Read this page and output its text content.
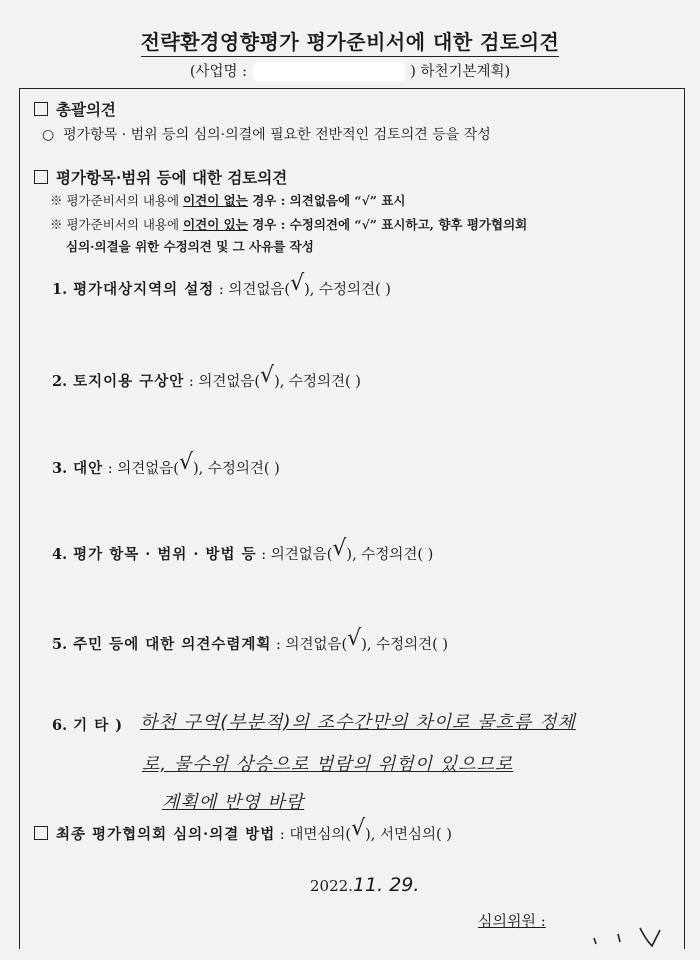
전략환경영향평가 평가준비서에 대한 검토의견
(사업명 :	) 하천기본계획)
총괄의견
○ 평가항목 · 범위 등의 심의·의결에 필요한 전반적인 검토의견 등을 작성
평가항목·범위 등에 대한 검토의견
※ 평가준비서의 내용에 이견이 없는 경우 : 의견없음에 “√” 표시
※ 평가준비서의 내용에 이견이 있는 경우 : 수정의견에 “√” 표시하고, 향후 평가협의회
심의·의결을 위한 수정의견 및 그 사유를 작성
1. 평가대상지역의 설정 : 의견없음(√), 수정의견( )
2. 토지이용 구상안 : 의견없음(√), 수정의견( )
3. 대안 : 의견없음(√), 수정의견( )
4. 평가 항목 · 범위 · 방법 등 : 의견없음(√), 수정의견( )
5. 주민 등에 대한 의견수렴계획 : 의견없음(√), 수정의견( )
6. 기 타 ) 하천 구역(부분적)의 조수간만의 차이로 물흐름 정체
로, 물수위 상승으로 범람의 위험이 있으므로
계획에 반영 바람
최종 평가협의회 심의·의결 방법 : 대면심의(√), 서면심의( )
2022.11. 29.
심의위원 :
